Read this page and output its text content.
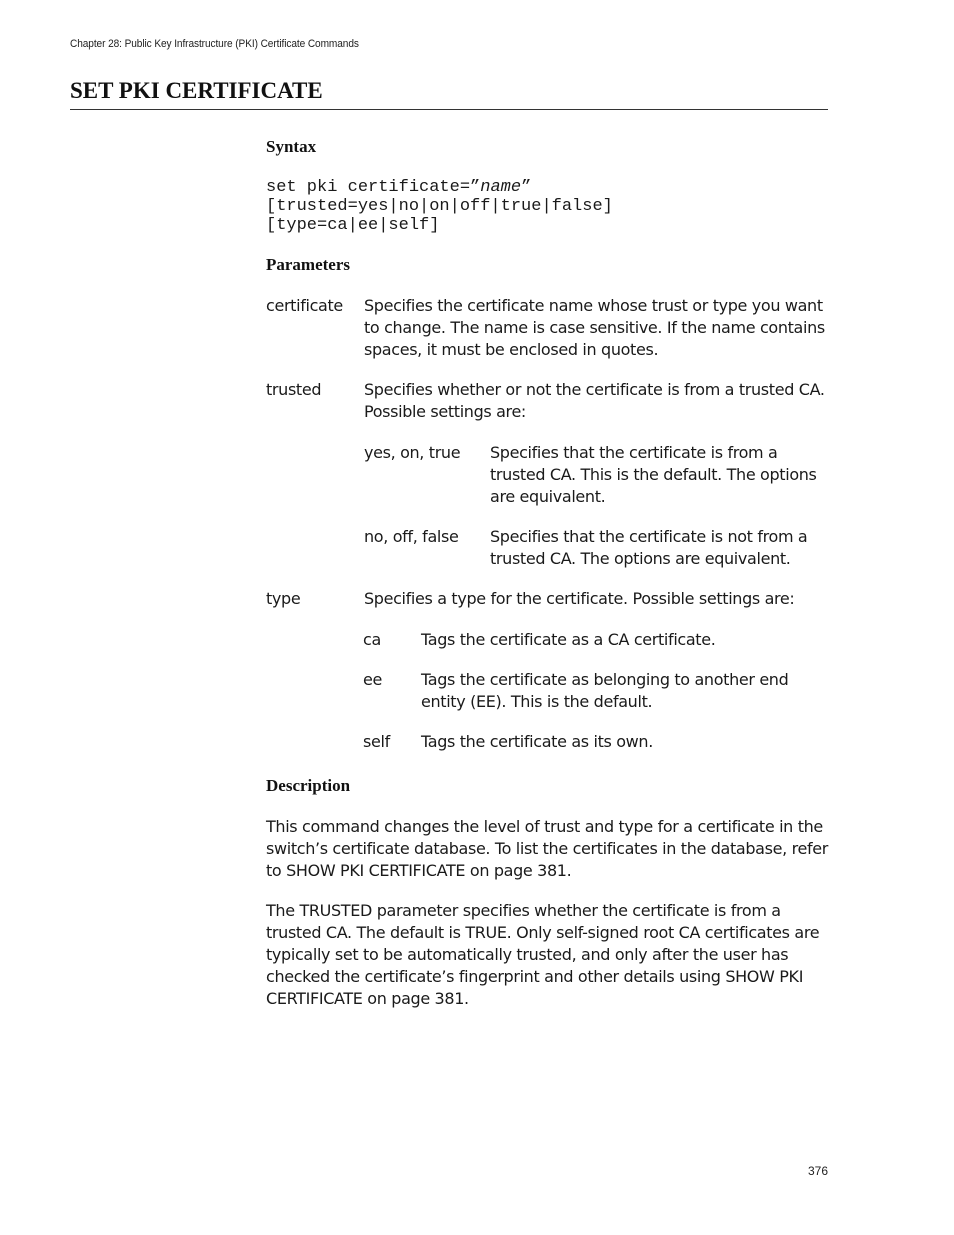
Chapter 28: Public Key Infrastructure (PKI) Certificate Commands
SET PKI CERTIFICATE
Syntax
set pki certificate=”name”
[trusted=yes|no|on|off|true|false]
[type=ca|ee|self]
Parameters
certificate Specifies the certificate name whose trust or type you want to change. The name is case sensitive. If the name contains spaces, it must be enclosed in quotes.
trusted	Specifies whether or not the certificate is from a trusted CA. Possible settings are:
yes, on, true Specifies that the certificate is from a trusted CA. This is the default. The options are equivalent.
no, off, false Specifies that the certificate is not from a trusted CA. The options are equivalent.
type	Specifies a type for the certificate. Possible settings are:
ca	Tags the certificate as a CA certificate.
ee Tags the certificate as belonging to another end entity (EE). This is the default.
self Tags the certificate as its own.
Description
This command changes the level of trust and type for a certificate in the switch’s certificate database. To list the certificates in the database, refer to SHOW PKI CERTIFICATE on page 381.
The TRUSTED parameter specifies whether the certificate is from a trusted CA. The default is TRUE. Only self-signed root CA certificates are typically set to be automatically trusted, and only after the user has checked the certificate’s fingerprint and other details using SHOW PKI CERTIFICATE on page 381.
376
